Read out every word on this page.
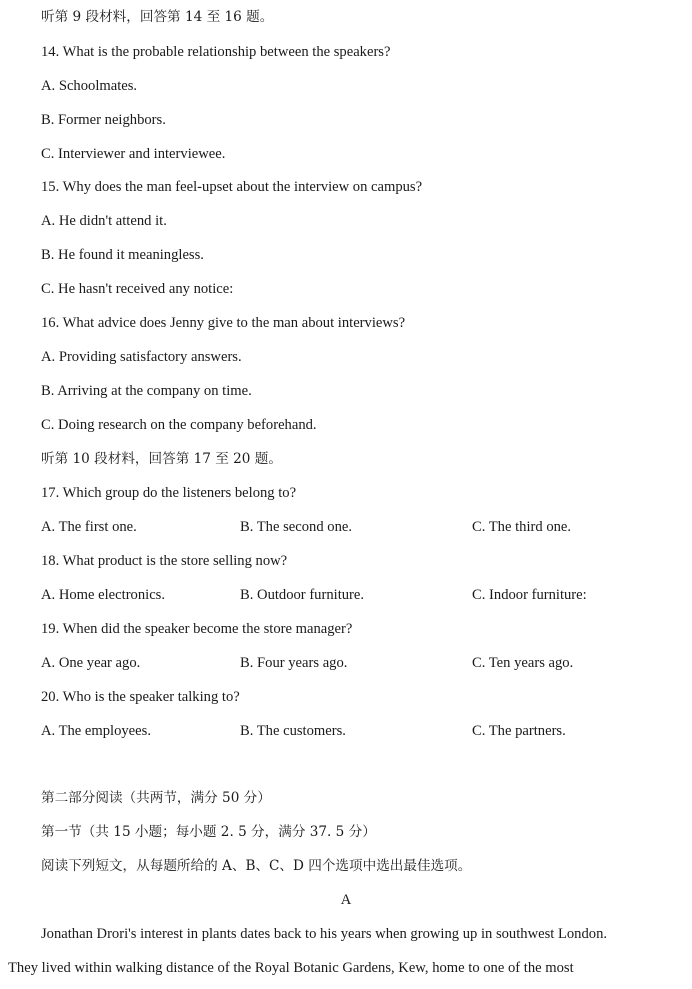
听第 9 段材料，回答第 14 至 16 题。
14. What is the probable relationship between the speakers?
A. Schoolmates.
B. Former neighbors.
C. Interviewer and interviewee.
15. Why does the man feel-upset about the interview on campus?
A. He didn't attend it.
B. He found it meaningless.
C. He hasn't received any notice:
16. What advice does Jenny give to the man about interviews?
A. Providing satisfactory answers.
B. Arriving at the company on time.
C. Doing research on the company beforehand.
听第 10 段材料，回答第 17 至 20 题。
17. Which group do the listeners belong to?
A. The first one.	B. The second one.	C. The third one.
18. What product is the store selling now?
A. Home electronics.	B. Outdoor furniture.	C. Indoor furniture:
19. When did the speaker become the store manager?
A. One year ago.	B. Four years ago.	C. Ten years ago.
20. Who is the speaker talking to?
A. The employees.	B. The customers.	C. The partners.
第二部分阅读（共两节，满分 50 分）
第一节（共 15 小题；每小题 2. 5 分，满分 37. 5 分）
阅读下列短文，从每题所给的 A、B、C、D 四个选项中选出最佳选项。
A
Jonathan Drori's interest in plants dates back to his years when growing up in southwest London.
They lived within walking distance of the Royal Botanic Gardens, Kew, home to one of the most
